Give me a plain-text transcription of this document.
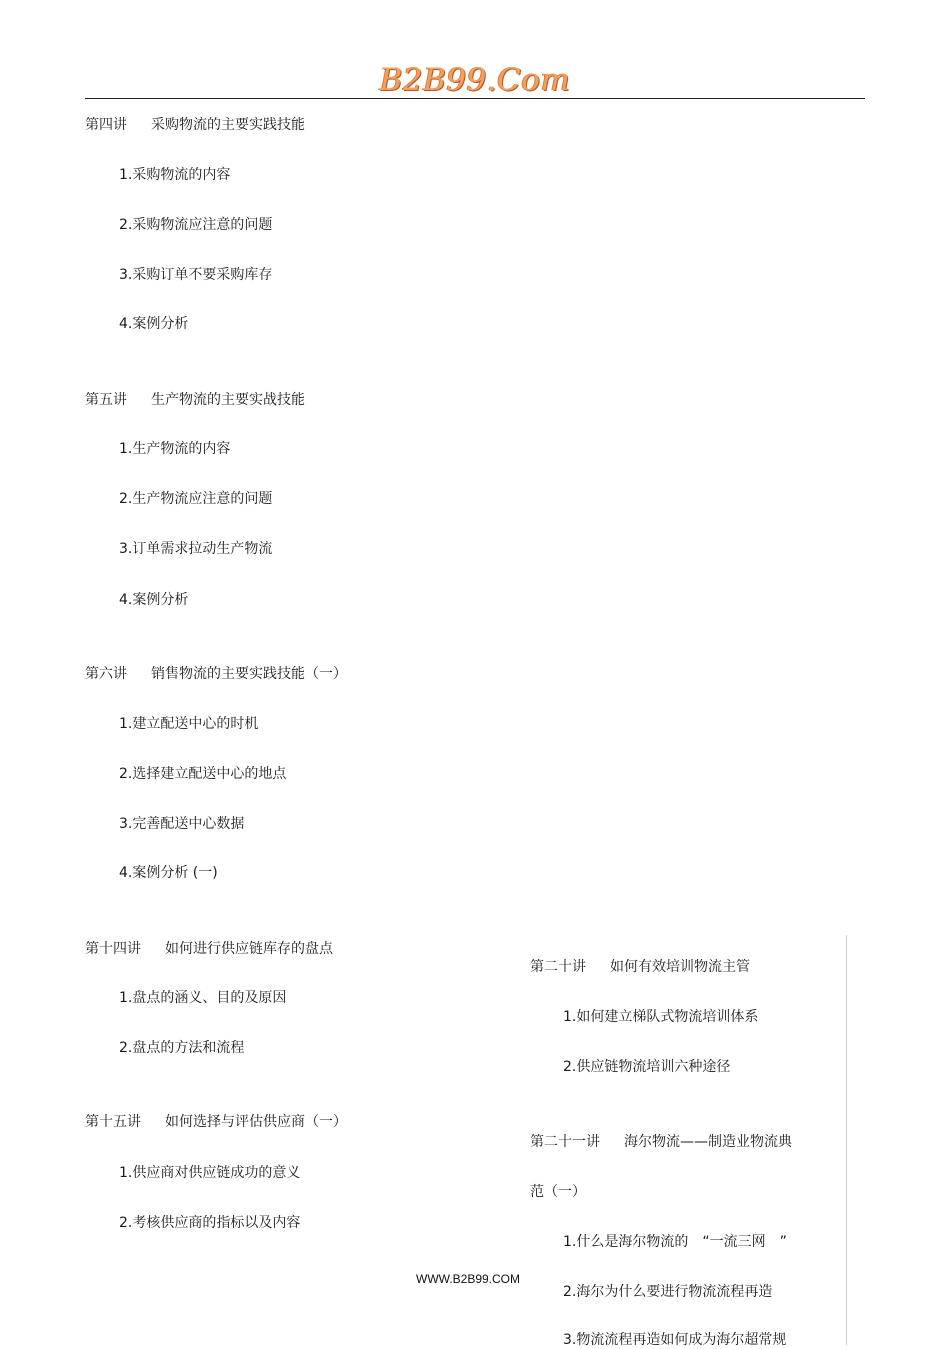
B2B99.Com
第四讲 采购物流的主要实践技能
1.采购物流的内容
2.采购物流应注意的问题
3.采购订单不要采购库存
4.案例分析
第五讲 生产物流的主要实战技能
1.生产物流的内容
2.生产物流应注意的问题
3.订单需求拉动生产物流
4.案例分析
第六讲 销售物流的主要实践技能（一）
1.建立配送中心的时机
2.选择建立配送中心的地点
3.完善配送中心数据
4.案例分析 (一)
第十四讲 如何进行供应链库存的盘点
1.盘点的涵义、目的及原因
2.盘点的方法和流程
第十五讲 如何选择与评估供应商（一）
1.供应商对供应链成功的意义
2.考核供应商的指标以及内容
第二十讲 如何有效培训物流主管
1.如何建立梯队式物流培训体系
2.供应链物流培训六种途径
第二十一讲 海尔物流——制造业物流典
范（一）
1.什么是海尔物流的　“一流三网　”
2.海尔为什么要进行物流流程再造
3.物流流程再造如何成为海尔超常规
WWW.B2B99.COM
